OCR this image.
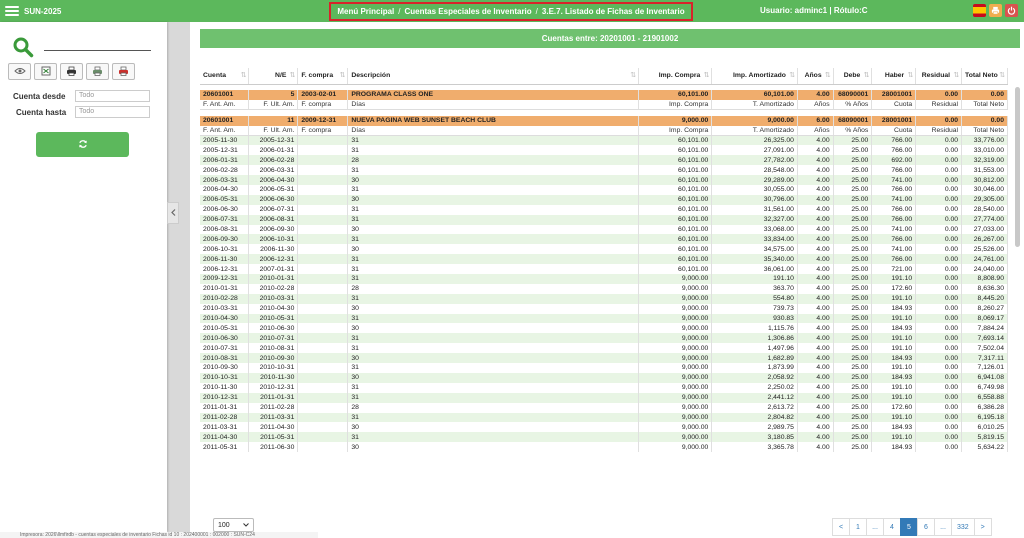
SUN-2025	Menú Principal / Cuentas Especiales de Inventario / 3.E.7. Listado de Fichas de Inventario	Usuario: adminc1 | Rótulo:C
Cuenta desde	Todo
Cuenta hasta	Todo
Cuentas entre: 20201001 - 21901002
Cuenta ⇅	N/E ⇅	F. compra ⇅	Descripción ⇅	Imp. Compra ⇅	Imp. Amortizado ⇅	Años ⇅	Debe ⇅	Haber ⇅	Residual ⇅	Total Neto ⇅

20601001	5	2003-02-01	PROGRAMA CLASS ONE	60,101.00	60,101.00	4.00	68090001	28001001	0.00	0.00
F. Ant. Am.	F. Ult. Am.	F. compra	Días	Imp. Compra	T. Amortizado	Años	% Años	Cuota	Residual	Total Neto

20601001	11	2009-12-31	NUEVA PAGINA WEB SUNSET BEACH CLUB	9,000.00	9,000.00	6.00	68090001	28001001	0.00	0.00
F. Ant. Am.	F. Ult. Am.	F. compra	Días	Imp. Compra	T. Amortizado	Años	% Años	Cuota	Residual	Total Neto
2005-11-30	2005-12-31		31	60,101.00	26,325.00	4.00	25.00	766.00	0.00	33,776.00
2005-12-31	2006-01-31		31	60,101.00	27,091.00	4.00	25.00	766.00	0.00	33,010.00
2006-01-31	2006-02-28		28	60,101.00	27,782.00	4.00	25.00	692.00	0.00	32,319.00
2006-02-28	2006-03-31		31	60,101.00	28,548.00	4.00	25.00	766.00	0.00	31,553.00
2006-03-31	2006-04-30		30	60,101.00	29,289.00	4.00	25.00	741.00	0.00	30,812.00
2006-04-30	2006-05-31		31	60,101.00	30,055.00	4.00	25.00	766.00	0.00	30,046.00
2006-05-31	2006-06-30		30	60,101.00	30,796.00	4.00	25.00	741.00	0.00	29,305.00
2006-06-30	2006-07-31		31	60,101.00	31,561.00	4.00	25.00	766.00	0.00	28,540.00
2006-07-31	2006-08-31		31	60,101.00	32,327.00	4.00	25.00	766.00	0.00	27,774.00
2006-08-31	2006-09-30		30	60,101.00	33,068.00	4.00	25.00	741.00	0.00	27,033.00
2006-09-30	2006-10-31		31	60,101.00	33,834.00	4.00	25.00	766.00	0.00	26,267.00
2006-10-31	2006-11-30		30	60,101.00	34,575.00	4.00	25.00	741.00	0.00	25,526.00
2006-11-30	2006-12-31		31	60,101.00	35,340.00	4.00	25.00	766.00	0.00	24,761.00
2006-12-31	2007-01-31		31	60,101.00	36,061.00	4.00	25.00	721.00	0.00	24,040.00
2009-12-31	2010-01-31		31	9,000.00	191.10	4.00	25.00	191.10	0.00	8,808.90
2010-01-31	2010-02-28		28	9,000.00	363.70	4.00	25.00	172.60	0.00	8,636.30
2010-02-28	2010-03-31		31	9,000.00	554.80	4.00	25.00	191.10	0.00	8,445.20
2010-03-31	2010-04-30		30	9,000.00	739.73	4.00	25.00	184.93	0.00	8,260.27
2010-04-30	2010-05-31		31	9,000.00	930.83	4.00	25.00	191.10	0.00	8,069.17
2010-05-31	2010-06-30		30	9,000.00	1,115.76	4.00	25.00	184.93	0.00	7,884.24
2010-06-30	2010-07-31		31	9,000.00	1,306.86	4.00	25.00	191.10	0.00	7,693.14
2010-07-31	2010-08-31		31	9,000.00	1,497.96	4.00	25.00	191.10	0.00	7,502.04
2010-08-31	2010-09-30		30	9,000.00	1,682.89	4.00	25.00	184.93	0.00	7,317.11
2010-09-30	2010-10-31		31	9,000.00	1,873.99	4.00	25.00	191.10	0.00	7,126.01
2010-10-31	2010-11-30		30	9,000.00	2,058.92	4.00	25.00	184.93	0.00	6,941.08
2010-11-30	2010-12-31		31	9,000.00	2,250.02	4.00	25.00	191.10	0.00	6,749.98
2010-12-31	2011-01-31		31	9,000.00	2,441.12	4.00	25.00	191.10	0.00	6,558.88
2011-01-31	2011-02-28		28	9,000.00	2,613.72	4.00	25.00	172.60	0.00	6,386.28
2011-02-28	2011-03-31		31	9,000.00	2,804.82	4.00	25.00	191.10	0.00	6,195.18
2011-03-31	2011-04-30		30	9,000.00	2,989.75	4.00	25.00	184.93	0.00	6,010.25
2011-04-30	2011-05-31		31	9,000.00	3,180.85	4.00	25.00	191.10	0.00	5,819.15
2011-05-31	2011-06-30		30	9,000.00	3,365.78	4.00	25.00	184.93	0.00	5,634.22
100
Impresora: 2026\llmfirdb - cuentas especiales de inventario Fichas id 10 : 202400001 : 002000 : SUN-C24
<	1	...	4	5	6	...	332	>
